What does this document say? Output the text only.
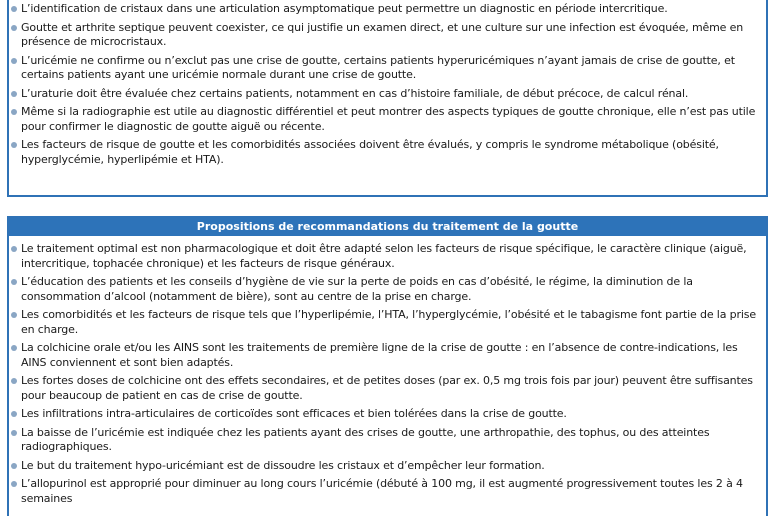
L’identification de cristaux dans une articulation asymptomatique peut permettre un diagnostic en période intercritique.
Goutte et arthrite septique peuvent coexister, ce qui justifie un examen direct, et une culture sur une infection est évoquée, même en présence de microcristaux.
L’uricémie ne confirme ou n’exclut pas une crise de goutte, certains patients hyperuricémiques n’ayant jamais de crise de goutte, et certains patients ayant une uricémie normale durant une crise de goutte.
L’uraturie doit être évaluée chez certains patients, notamment en cas d’histoire familiale, de début précoce, de calcul rénal.
Même si la radiographie est utile au diagnostic différentiel et peut montrer des aspects typiques de goutte chronique, elle n’est pas utile pour confirmer le diagnostic de goutte aiguë ou récente.
Les facteurs de risque de goutte et les comorbidités associées doivent être évalués, y compris le syndrome métabolique (obésité, hyperglycémie, hyperlipémie et HTA).
Propositions de recommandations du traitement de la goutte
Le traitement optimal est non pharmacologique et doit être adapté selon les facteurs de risque spécifique, le caractère clinique (aiguë, intercritique, tophacée chronique) et les facteurs de risque généraux.
L’éducation des patients et les conseils d’hygiène de vie sur la perte de poids en cas d’obésité, le régime, la diminution de la consommation d’alcool (notamment de bière), sont au centre de la prise en charge.
Les comorbidités et les facteurs de risque tels que l’hyperlipémie, l’HTA, l’hyperglycémie, l’obésité et le tabagisme font partie de la prise en charge.
La colchicine orale et/ou les AINS sont les traitements de première ligne de la crise de goutte : en l’absence de contre-indications, les AINS conviennent et sont bien adaptés.
Les fortes doses de colchicine ont des effets secondaires, et de petites doses (par ex. 0,5 mg trois fois par jour) peuvent être suffisantes pour beaucoup de patient en cas de crise de goutte.
Les infiltrations intra-articulaires de corticoïdes sont efficaces et bien tolérées dans la crise de goutte.
La baisse de l’uricémie est indiquée chez les patients ayant des crises de goutte, une arthropathie, des tophus, ou des atteintes radiographiques.
Le but du traitement hypo-uricémiant est de dissoudre les cristaux et d’empêcher leur formation.
L’allopurinol est approprié pour diminuer au long cours l’uricémie (débuté à 100 mg, il est augmenté progressivement toutes les 2 à 4 semaines
